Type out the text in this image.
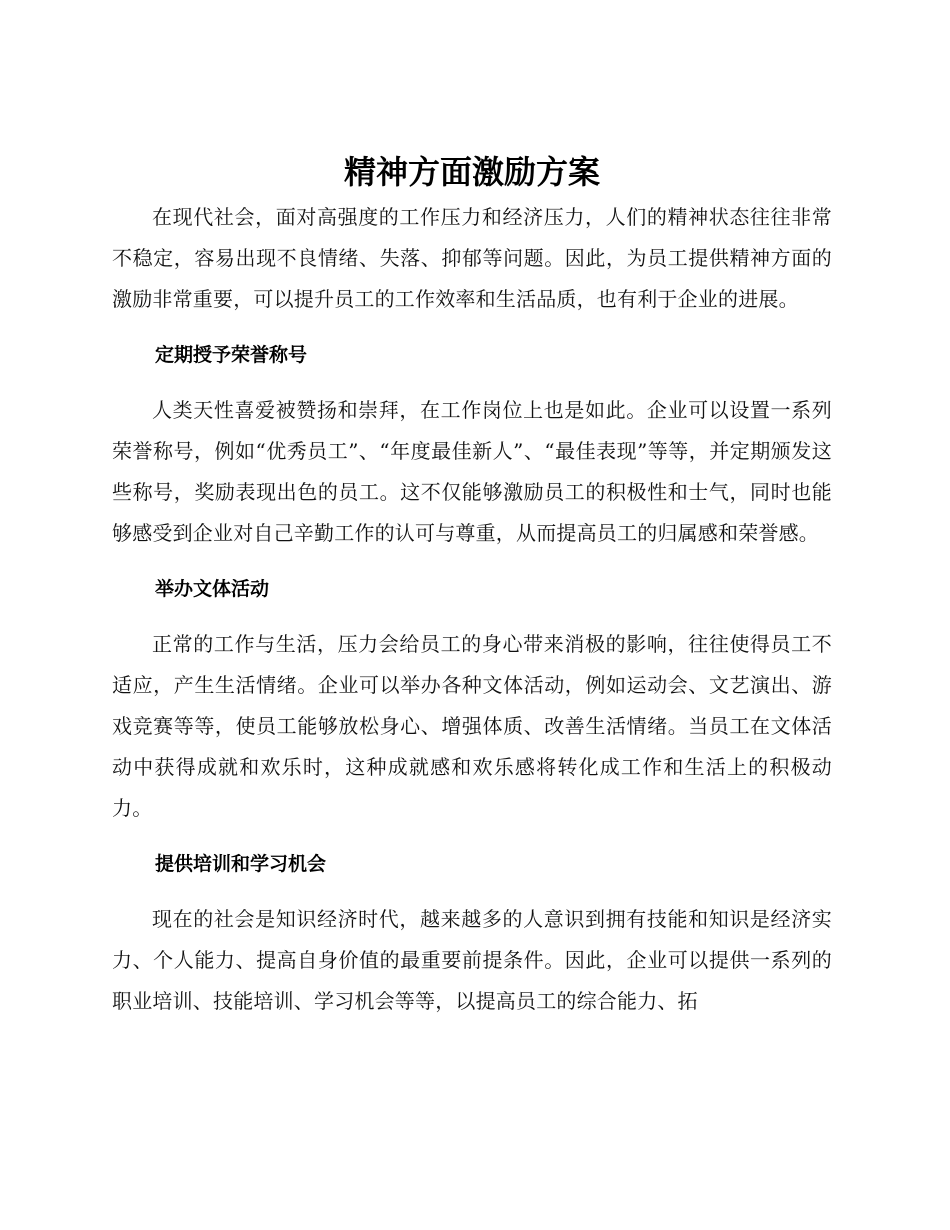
精神方面激励方案

在现代社会，面对高强度的工作压力和经济压力，人们的精神状态往往非常不稳定，容易出现不良情绪、失落、抑郁等问题。因此，为员工提供精神方面的激励非常重要，可以提升员工的工作效率和生活品质，也有利于企业的进展。

定期授予荣誉称号

人类天性喜爱被赞扬和崇拜，在工作岗位上也是如此。企业可以设置一系列荣誉称号，例如“优秀员工”、“年度最佳新人”、“最佳表现”等等，并定期颁发这些称号，奖励表现出色的员工。这不仅能够激励员工的积极性和士气，同时也能够感受到企业对自己辛勤工作的认可与尊重，从而提高员工的归属感和荣誉感。

举办文体活动

正常的工作与生活，压力会给员工的身心带来消极的影响，往往使得员工不适应，产生生活情绪。企业可以举办各种文体活动，例如运动会、文艺演出、游戏竞赛等等，使员工能够放松身心、增强体质、改善生活情绪。当员工在文体活动中获得成就和欢乐时，这种成就感和欢乐感将转化成工作和生活上的积极动力。

提供培训和学习机会

现在的社会是知识经济时代，越来越多的人意识到拥有技能和知识是经济实力、个人能力、提高自身价值的最重要前提条件。因此，企业可以提供一系列的职业培训、技能培训、学习机会等等，以提高员工的综合能力、拓
